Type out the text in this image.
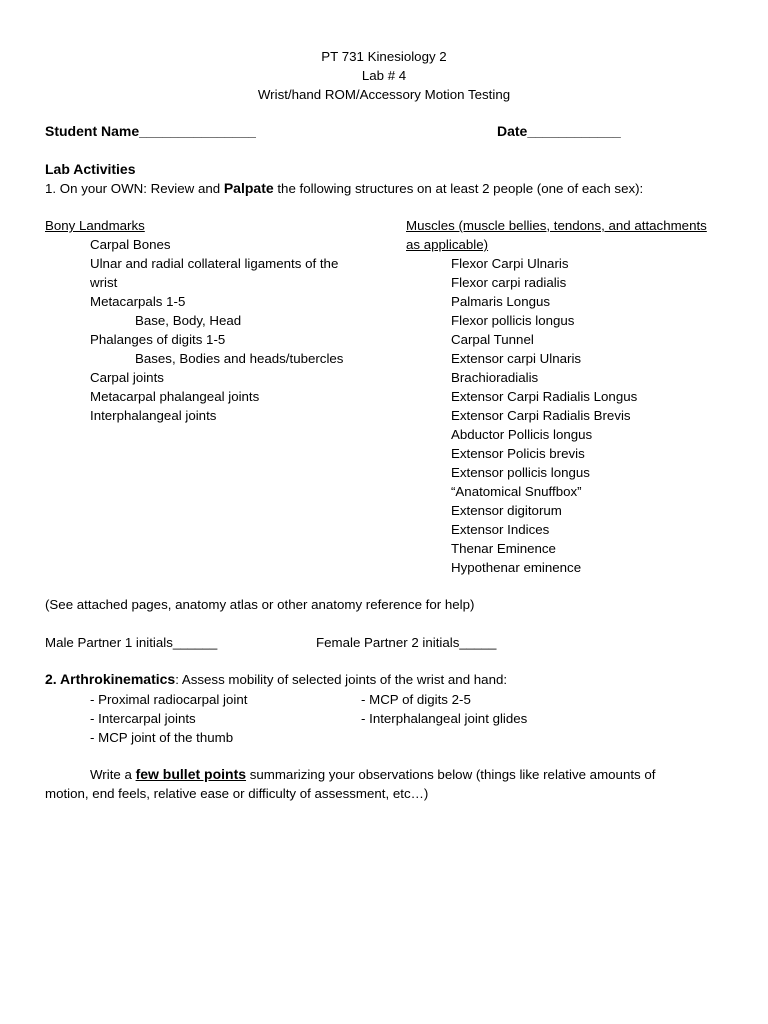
PT 731 Kinesiology 2
Lab # 4
Wrist/hand ROM/Accessory Motion Testing
Student Name_______________	Date____________
Lab Activities
1. On your OWN: Review and Palpate the following structures on at least 2 people (one of each sex):
Bony Landmarks
Carpal Bones
Ulnar and radial collateral ligaments of the
wrist
Metacarpals 1-5
Base, Body, Head
Phalanges of digits 1-5
Bases, Bodies and heads/tubercles
Carpal joints
Metacarpal phalangeal joints
Interphalangeal joints
Muscles (muscle bellies, tendons, and attachments
as applicable)
Flexor Carpi Ulnaris
Flexor carpi radialis
Palmaris Longus
Flexor pollicis longus
Carpal Tunnel
Extensor carpi Ulnaris
Brachioradialis
Extensor Carpi Radialis Longus
Extensor Carpi Radialis Brevis
Abductor Pollicis longus
Extensor Policis brevis
Extensor pollicis longus
“Anatomical Snuffbox”
Extensor digitorum
Extensor Indices
Thenar Eminence
Hypothenar eminence
(See attached pages, anatomy atlas or other anatomy reference for help)
Male Partner 1 initials______	Female Partner 2 initials_____
2. Arthrokinematics: Assess mobility of selected joints of the wrist and hand:
- Proximal radiocarpal joint
- Intercarpal joints
- MCP joint of the thumb
- MCP of digits 2-5
- Interphalangeal joint glides
Write a few bullet points summarizing your observations below (things like relative amounts of
motion, end feels, relative ease or difficulty of assessment, etc…)
